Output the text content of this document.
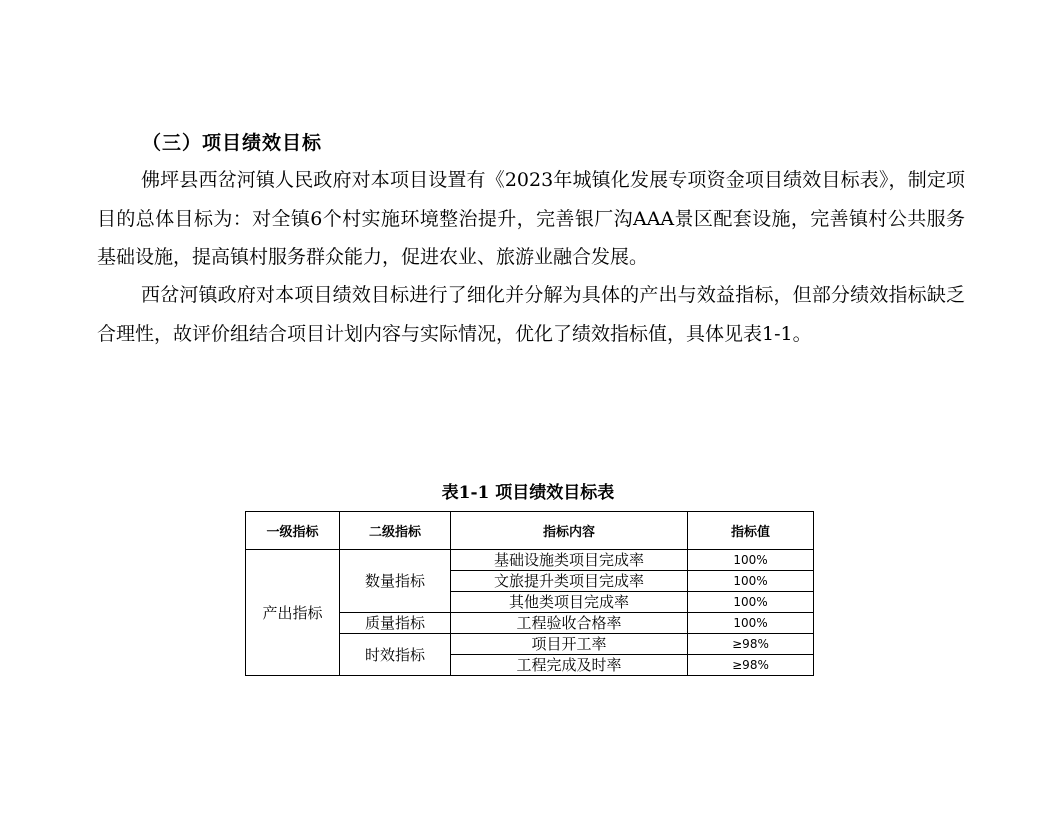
（三）项目绩效目标

佛坪县西岔河镇人民政府对本项目设置有《2023年城镇化发展专项资金项目绩效目标表》，制定项目的总体目标为：对全镇6个村实施环境整治提升，完善银厂沟AAA景区配套设施，完善镇村公共服务基础设施，提高镇村服务群众能力，促进农业、旅游业融合发展。

西岔河镇政府对本项目绩效目标进行了细化并分解为具体的产出与效益指标，但部分绩效指标缺乏合理性，故评价组结合项目计划内容与实际情况，优化了绩效指标值，具体见表1-1。

表1-1 项目绩效目标表
一级指标	二级指标	指标内容	指标值
产出指标	数量指标	基础设施类项目完成率	100%
		文旅提升类项目完成率	100%
		其他类项目完成率	100%
	质量指标	工程验收合格率	100%
	时效指标	项目开工率	≥98%
		工程完成及时率	≥98%
